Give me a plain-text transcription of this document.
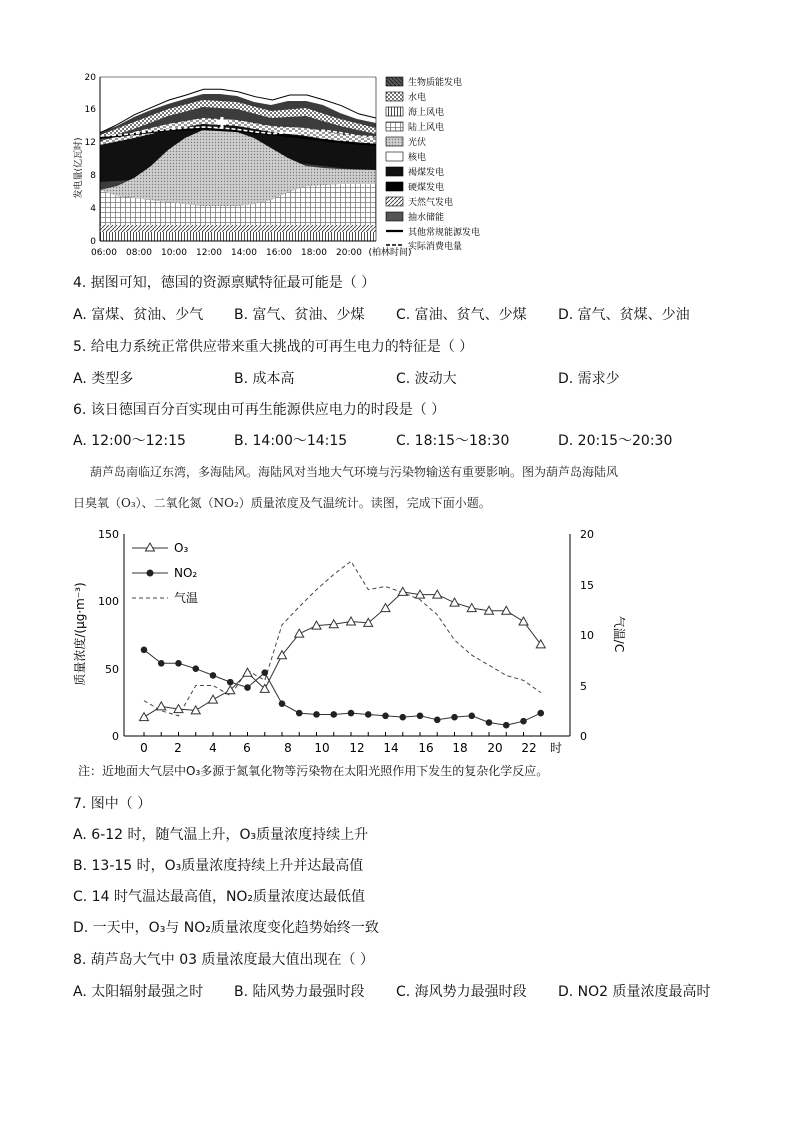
发电量(亿瓦时)
0
4
8
12
16
20
06:00 08:00 10:00 12:00 14:00 16:00 18:00 20:00 (柏林时间)
生物质能发电
水电
海上风电
陆上风电
光伏
核电
褐煤发电
硬煤发电
天然气发电
抽水储能
其他常规能源发电
实际消费电量
4. 据图可知，德国的资源禀赋特征最可能是（ ）
A. 富煤、贫油、少气 B. 富气、贫油、少煤 C. 富油、贫气、少煤 D. 富气、贫煤、少油
5. 给电力系统正常供应带来重大挑战的可再生电力的特征是（ ）
A. 类型多	B. 成本高	C. 波动大	D. 需求少
6. 该日德国百分百实现由可再生能源供应电力的时段是（ ）
A. 12:00～12:15	B. 14:00～14:15	C. 18:15～18:30	D. 20:15～20:30
葫芦岛南临辽东湾，多海陆风。海陆风对当地大气环境与污染物输送有重要影响。图为葫芦岛海陆风
日臭氧（O₃）、二氧化氮（NO₂）质量浓度及气温统计。读图，完成下面小题。
质量浓度/(μg·m⁻³)	气温/C
0
50
100
150
0
5
10
15
20
0 2 4 6	8 10 12 14 16 18 20 22 时
O₃
NO₂
气温
注：近地面大气层中O₃多源于氮氧化物等污染物在太阳光照作用下发生的复杂化学反应。
7. 图中（ ）
A. 6-12 时，随气温上升，O₃质量浓度持续上升
B. 13-15 时，O₃质量浓度持续上升并达最高值
C. 14 时气温达最高值，NO₂质量浓度达最低值
D. 一天中，O₃与 NO₂质量浓度变化趋势始终一致
8. 葫芦岛大气中 03 质量浓度最大值出现在（ ）
A. 太阳辐射最强之时 B. 陆风势力最强时段 C. 海风势力最强时段 D. NO2 质量浓度最高时
